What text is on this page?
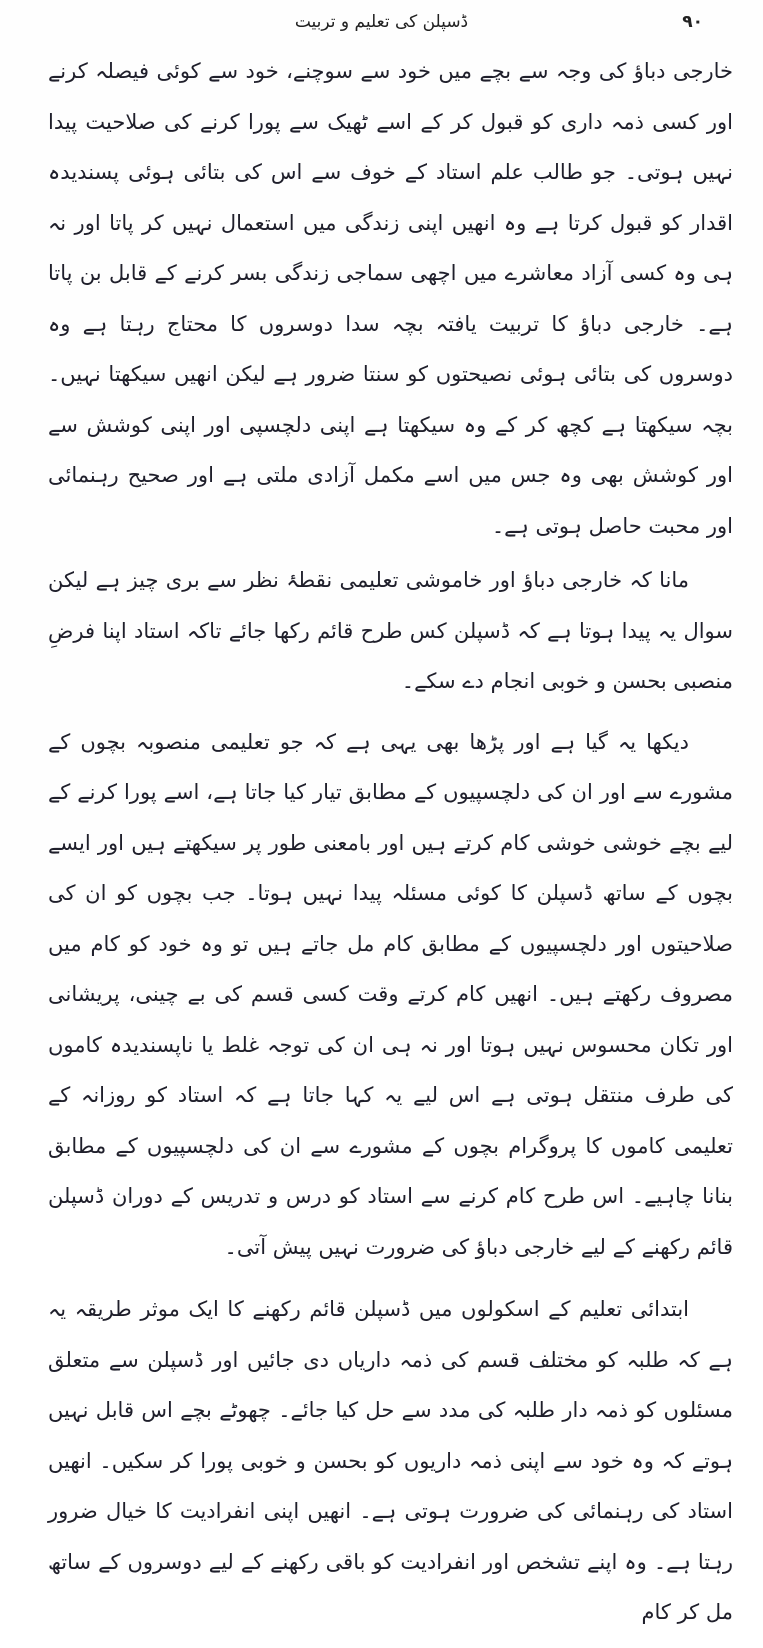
۹۰
ڈسپلن کی تعلیم و تربیت

خارجی دباؤ کی وجہ سے بچے میں خود سے سوچنے، خود سے کوئی فیصلہ کرنے اور کسی ذمہ داری کو قبول کر کے اسے ٹھیک سے پورا کرنے کی صلاحیت پیدا نہیں ہوتی۔ جو طالب علم استاد کے خوف سے اس کی بتائی ہوئی پسندیدہ اقدار کو قبول کرتا ہے وہ انھیں اپنی زندگی میں استعمال نہیں کر پاتا اور نہ ہی وہ کسی آزاد معاشرے میں اچھی سماجی زندگی بسر کرنے کے قابل بن پاتا ہے۔ خارجی دباؤ کا تربیت یافتہ بچہ سدا دوسروں کا محتاج رہتا ہے وہ دوسروں کی بتائی ہوئی نصیحتوں کو سنتا ضرور ہے لیکن انھیں سیکھتا نہیں۔ بچہ سیکھتا ہے کچھ کر کے وہ سیکھتا ہے اپنی دلچسپی اور اپنی کوشش سے اور کوشش بھی وہ جس میں اسے مکمل آزادی ملتی ہے اور صحیح رہنمائی اور محبت حاصل ہوتی ہے۔

مانا کہ خارجی دباؤ اور خاموشی تعلیمی نقطۂ نظر سے بری چیز ہے لیکن سوال یہ پیدا ہوتا ہے کہ ڈسپلن کس طرح قائم رکھا جائے تاکہ استاد اپنا فرضِ منصبی بحسن و خوبی انجام دے سکے۔

دیکھا یہ گیا ہے اور پڑھا بھی یہی ہے کہ جو تعلیمی منصوبہ بچوں کے مشورے سے اور ان کی دلچسپیوں کے مطابق تیار کیا جاتا ہے، اسے پورا کرنے کے لیے بچے خوشی خوشی کام کرتے ہیں اور بامعنی طور پر سیکھتے ہیں اور ایسے بچوں کے ساتھ ڈسپلن کا کوئی مسئلہ پیدا نہیں ہوتا۔ جب بچوں کو ان کی صلاحیتوں اور دلچسپیوں کے مطابق کام مل جاتے ہیں تو وہ خود کو کام میں مصروف رکھتے ہیں۔ انھیں کام کرتے وقت کسی قسم کی بے چینی، پریشانی اور تکان محسوس نہیں ہوتا اور نہ ہی ان کی توجہ غلط یا ناپسندیدہ کاموں کی طرف منتقل ہوتی ہے اس لیے یہ کہا جاتا ہے کہ استاد کو روزانہ کے تعلیمی کاموں کا پروگرام بچوں کے مشورے سے ان کی دلچسپیوں کے مطابق بنانا چاہیے۔ اس طرح کام کرنے سے استاد کو درس و تدریس کے دوران ڈسپلن قائم رکھنے کے لیے خارجی دباؤ کی ضرورت نہیں پیش آتی۔

ابتدائی تعلیم کے اسکولوں میں ڈسپلن قائم رکھنے کا ایک موثر طریقہ یہ ہے کہ طلبہ کو مختلف قسم کی ذمہ داریاں دی جائیں اور ڈسپلن سے متعلق مسئلوں کو ذمہ دار طلبہ کی مدد سے حل کیا جائے۔ چھوٹے بچے اس قابل نہیں ہوتے کہ وہ خود سے اپنی ذمہ داریوں کو بحسن و خوبی پورا کر سکیں۔ انھیں استاد کی رہنمائی کی ضرورت ہوتی ہے۔ انھیں اپنی انفرادیت کا خیال ضرور رہتا ہے۔ وہ اپنے تشخص اور انفرادیت کو باقی رکھنے کے لیے دوسروں کے ساتھ مل کر کام
